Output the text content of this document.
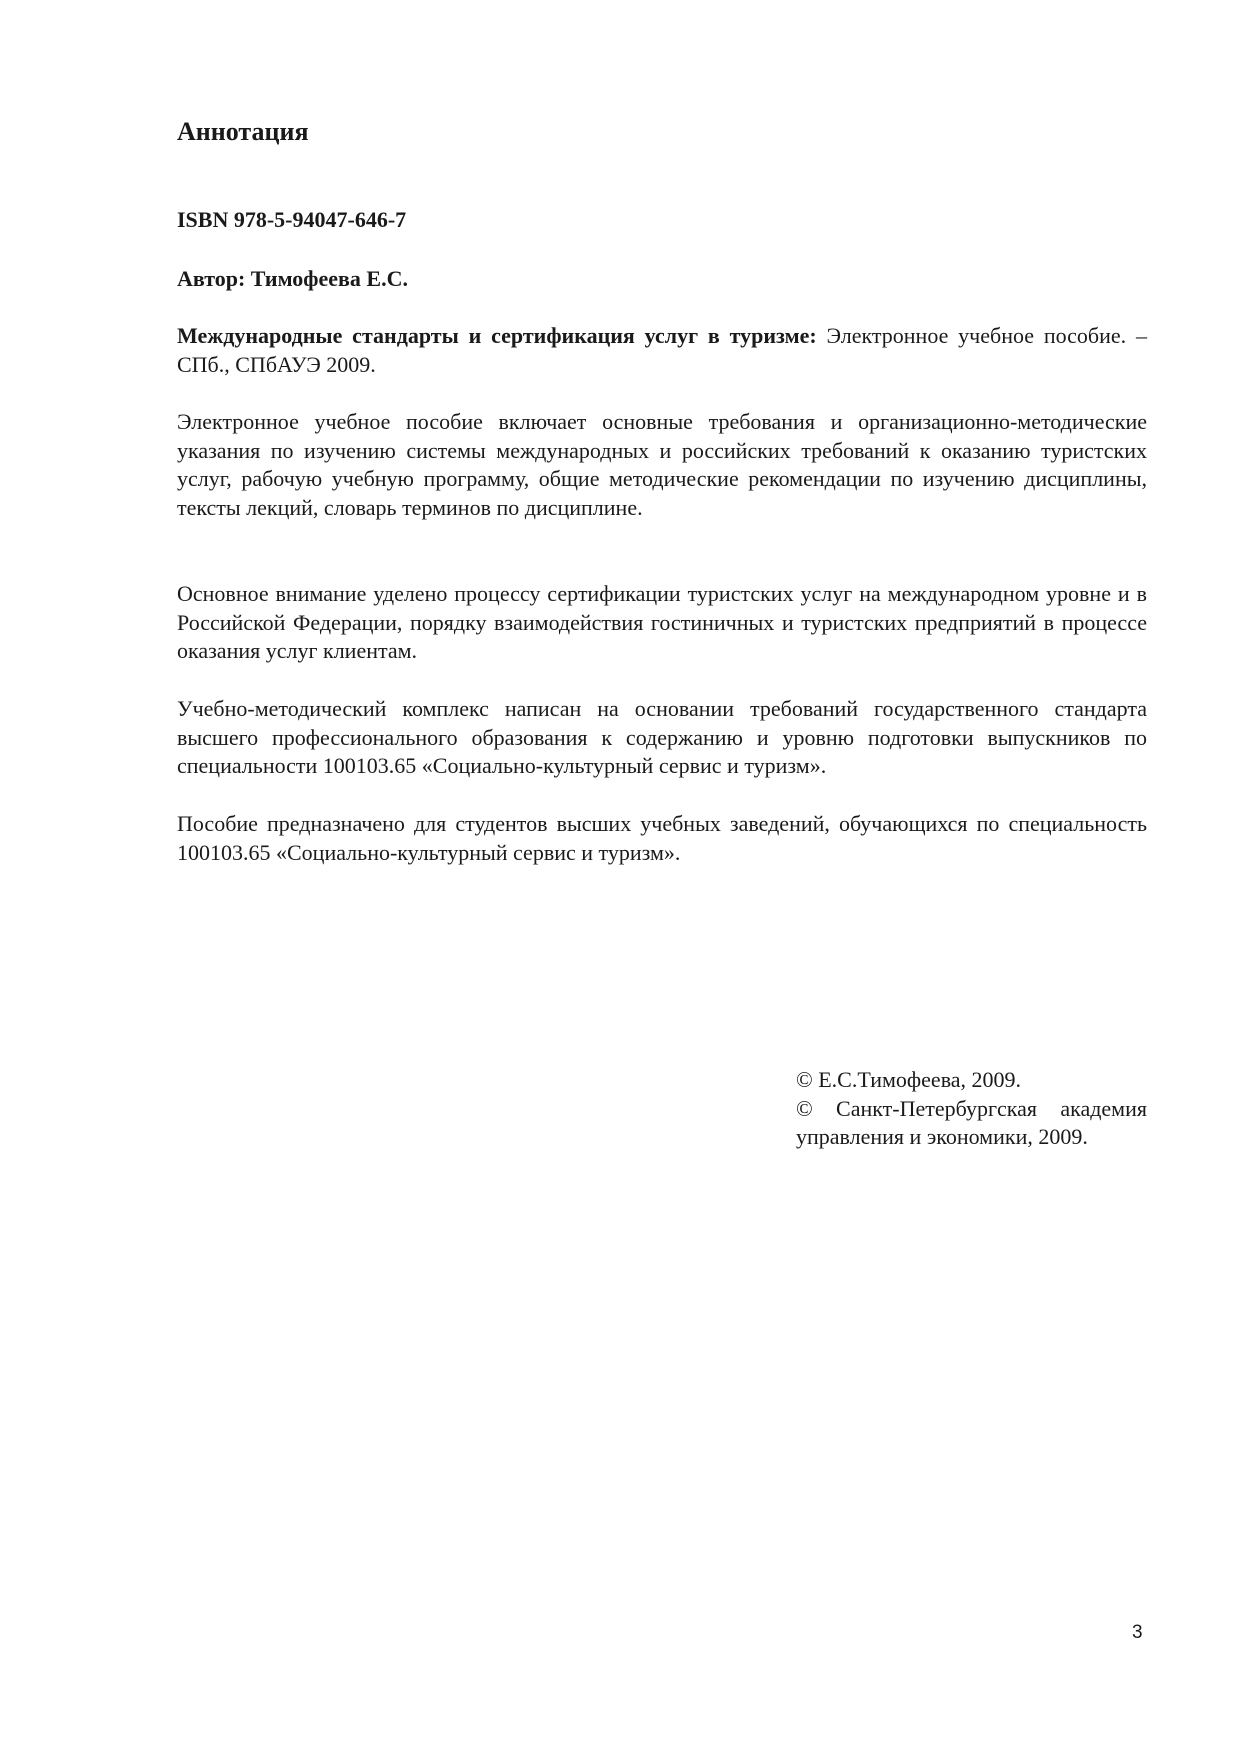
Аннотация

ISBN 978-5-94047-646-7

Автор: Тимофеева Е.С.

Международные стандарты и сертификация услуг в туризме: Электронное учебное пособие. – СПб., СПбАУЭ 2009.

Электронное учебное пособие включает основные требования и организационно-методические указания по изучению системы международных и российских требований к оказанию туристских услуг, рабочую учебную программу, общие методические рекомендации по изучению дисциплины, тексты лекций, словарь терминов по дисциплине.

Основное внимание уделено процессу сертификации туристских услуг на международном уровне и в Российской Федерации, порядку взаимодействия гостиничных и туристских предприятий в процессе оказания услуг клиентам.

Учебно-методический комплекс написан на основании требований государственного стандарта высшего профессионального образования к содержанию и уровню подготовки выпускников по специальности 100103.65 «Социально-культурный сервис и туризм».

Пособие предназначено для студентов высших учебных заведений, обучающихся по специальность 100103.65 «Социально-культурный сервис и туризм».

© Е.С.Тимофеева, 2009.

© Санкт-Петербургская академия управления и экономики, 2009.

3
